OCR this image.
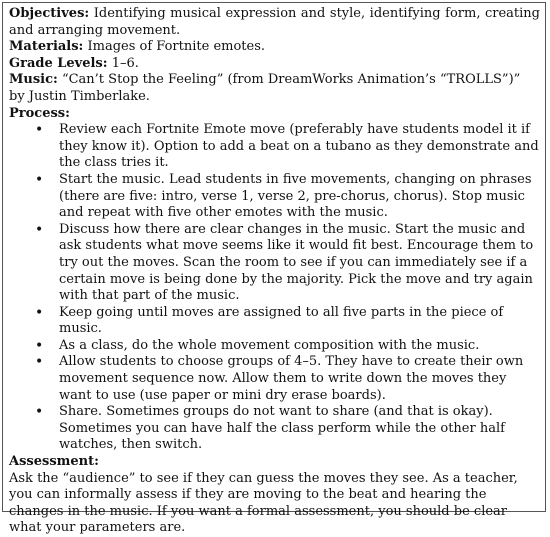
Objectives: Identifying musical expression and style, identifying form, creating and arranging movement.

Materials: Images of Fortnite emotes.

Grade Levels: 1–6.

Music: “Can’t Stop the Feeling” (from DreamWorks Animation’s “TROLLS”)” by Justin Timberlake.

Process:

• Review each Fortnite Emote move (preferably have students model it if they know it). Option to add a beat on a tubano as they demonstrate and the class tries it.
• Start the music. Lead students in five movements, changing on phrases (there are five: intro, verse 1, verse 2, pre-chorus, chorus). Stop music and repeat with five other emotes with the music.
• Discuss how there are clear changes in the music. Start the music and ask students what move seems like it would fit best. Encourage them to try out the moves. Scan the room to see if you can immediately see if a certain move is being done by the majority. Pick the move and try again with that part of the music.
• Keep going until moves are assigned to all five parts in the piece of music.
• As a class, do the whole movement composition with the music.
• Allow students to choose groups of 4–5. They have to create their own movement sequence now. Allow them to write down the moves they want to use (use paper or mini dry erase boards).
• Share. Sometimes groups do not want to share (and that is okay). Sometimes you can have half the class perform while the other half watches, then switch.

Assessment:

Ask the “audience” to see if they can guess the moves they see. As a teacher, you can informally assess if they are moving to the beat and hearing the changes in the music. If you want a formal assessment, you should be clear what your parameters are.
